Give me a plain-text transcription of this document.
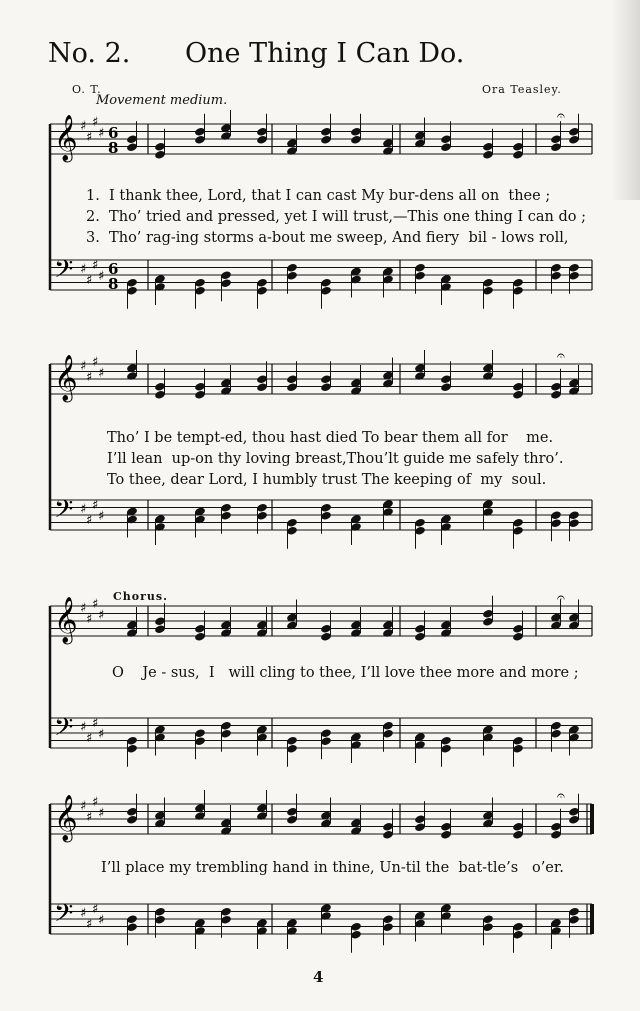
No. 2. One Thing I Can Do.
O. T.	Ora Teasley.
Movement medium.
𝄞 ♯
♯
♯
♯ 6
8
𝄢 ♯
♯
♯
♯ 6
8
𝄐
1.  I thank thee, Lord, that I can cast My bur-dens all on  thee ;
2.  Tho’ tried and pressed, yet I will trust,—This one thing I can do ;
3.  Tho’ rag-ing storms a-bout me sweep, And fiery  bil - lows roll,
𝄞 ♯
♯
♯
♯
𝄢 ♯
♯
♯
♯
𝄐
Tho’ I be tempt-ed, thou hast died To bear them all for    me.
I’ll lean  up-on thy loving breast,Thou’lt guide me safely thro’.
To thee, dear Lord, I humbly trust The keeping of  my  soul.
Chorus.
𝄞 ♯
♯
♯
♯
𝄢 ♯
♯
♯
♯
𝄐
O    Je - sus,  I   will cling to thee, I’ll love thee more and more ;
𝄞 ♯
♯
♯
♯
𝄢 ♯
♯
♯
♯
𝄐
I’ll place my trembling hand in thine, Un-til the  bat-tle’s   o’er.
4
